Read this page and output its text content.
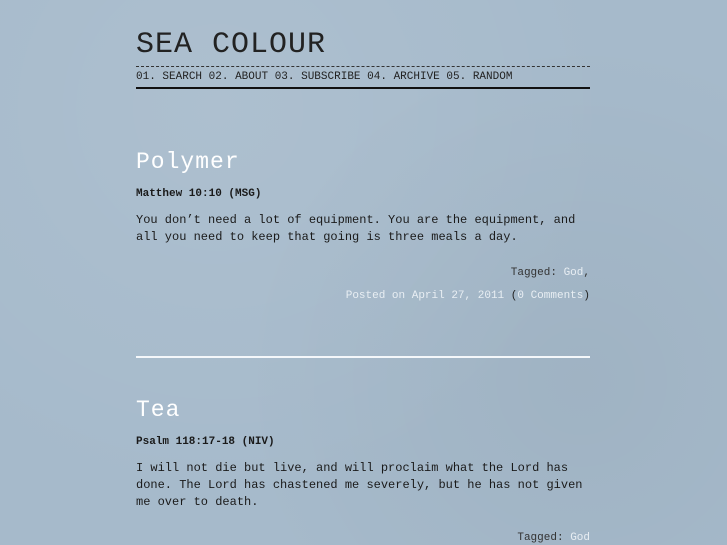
SEA COLOUR
01. SEARCH 02. ABOUT 03. SUBSCRIBE 04. ARCHIVE 05. RANDOM
Polymer
Matthew 10:10 (MSG)
You don’t need a lot of equipment. You are the equipment, and all you need to keep that going is three meals a day.
Tagged: God,
Posted on April 27, 2011 (0 Comments)
Tea
Psalm 118:17-18 (NIV)
I will not die but live, and will proclaim what the Lord has done. The Lord has chastened me severely, but he has not given me over to death.
Tagged: God
